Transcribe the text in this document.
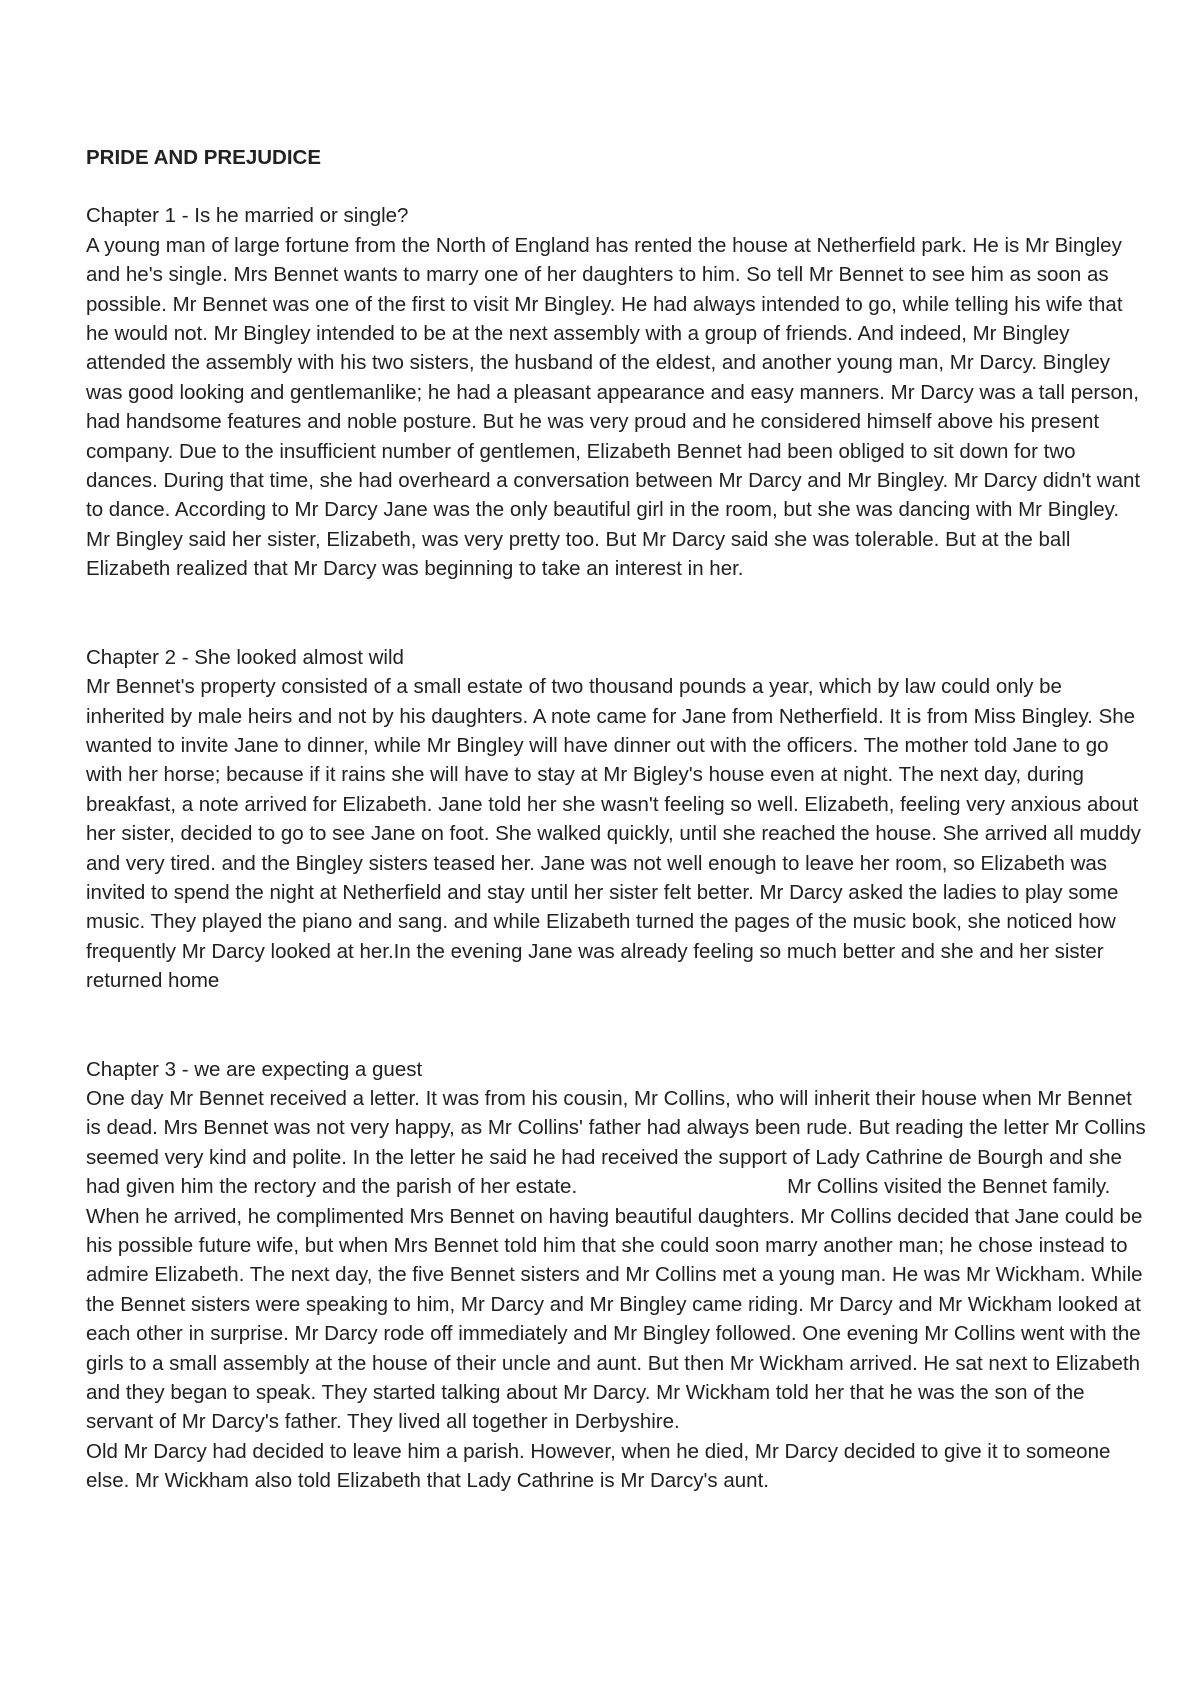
PRIDE AND PREJUDICE

Chapter 1 - Is he married or single?

A young man of large fortune from the North of England has rented the house at Netherfield park. He is Mr Bingley and he's single. Mrs Bennet wants to marry one of her daughters to him. So tell Mr Bennet to see him as soon as possible. Mr Bennet was one of the first to visit Mr Bingley. He had always intended to go, while telling his wife that he would not. Mr Bingley intended to be at the next assembly with a group of friends. And indeed, Mr Bingley attended the assembly with his two sisters, the husband of the eldest, and another young man, Mr Darcy. Bingley was good looking and gentlemanlike; he had a pleasant appearance and easy manners. Mr Darcy was a tall person, had handsome features and noble posture. But he was very proud and he considered himself above his present company. Due to the insufficient number of gentlemen, Elizabeth Bennet had been obliged to sit down for two dances. During that time, she had overheard a conversation between Mr Darcy and Mr Bingley. Mr Darcy didn't want to dance. According to Mr Darcy Jane was the only beautiful girl in the room, but she was dancing with Mr Bingley. Mr Bingley said her sister, Elizabeth, was very pretty too. But Mr Darcy said she was tolerable. But at the ball Elizabeth realized that Mr Darcy was beginning to take an interest in her.

Chapter 2 - She looked almost wild

Mr Bennet's property consisted of a small estate of two thousand pounds a year, which by law could only be inherited by male heirs and not by his daughters. A note came for Jane from Netherfield. It is from Miss Bingley. She wanted to invite Jane to dinner, while Mr Bingley will have dinner out with the officers. The mother told Jane to go with her horse; because if it rains she will have to stay at Mr Bigley's house even at night. The next day, during breakfast, a note arrived for Elizabeth. Jane told her she wasn't feeling so well. Elizabeth, feeling very anxious about her sister, decided to go to see Jane on foot. She walked quickly, until she reached the house. She arrived all muddy and very tired. and the Bingley sisters teased her. Jane was not well enough to leave her room, so Elizabeth was invited to spend the night at Netherfield and stay until her sister felt better. Mr Darcy asked the ladies to play some music. They played the piano and sang. and while Elizabeth turned the pages of the music book, she noticed how frequently Mr Darcy looked at her.In the evening Jane was already feeling so much better and she and her sister returned home

Chapter 3 - we are expecting a guest

One day Mr Bennet received a letter. It was from his cousin, Mr Collins, who will inherit their house when Mr Bennet is dead. Mrs Bennet was not very happy, as Mr Collins' father had always been rude. But reading the letter Mr Collins seemed very kind and polite. In the letter he said he had received the support of Lady Cathrine de Bourgh and she had given him the rectory and the parish of her estate.	Mr Collins visited the Bennet family. When he arrived, he complimented Mrs Bennet on having beautiful daughters. Mr Collins decided that Jane could be his possible future wife, but when Mrs Bennet told him that she could soon marry another man; he chose instead to admire Elizabeth. The next day, the five Bennet sisters and Mr Collins met a young man. He was Mr Wickham. While the Bennet sisters were speaking to him, Mr Darcy and Mr Bingley came riding. Mr Darcy and Mr Wickham looked at each other in surprise. Mr Darcy rode off immediately and Mr Bingley followed. One evening Mr Collins went with the girls to a small assembly at the house of their uncle and aunt. But then Mr Wickham arrived. He sat next to Elizabeth and they began to speak. They started talking about Mr Darcy. Mr Wickham told her that he was the son of the servant of Mr Darcy's father. They lived all together in Derbyshire.

Old Mr Darcy had decided to leave him a parish. However, when he died, Mr Darcy decided to give it to someone else. Mr Wickham also told Elizabeth that Lady Cathrine is Mr Darcy's aunt.
